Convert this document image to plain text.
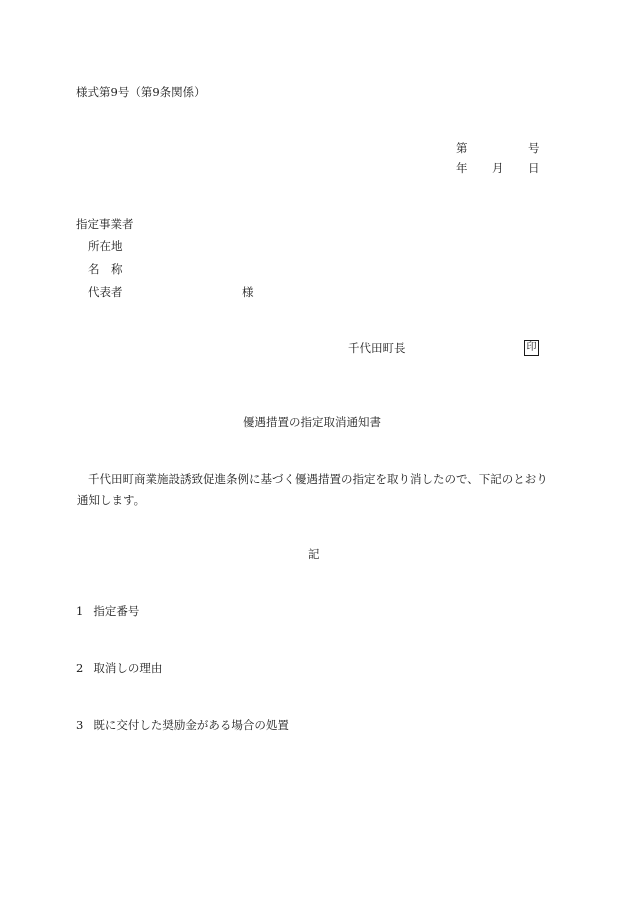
様式第9号（第9条関係）
第	号
年 月 日
指定事業者
所在地
名　称
代表者	様
千代田町長	印
優遇措置の指定取消通知書
千代田町商業施設誘致促進条例に基づく優遇措置の指定を取り消したので、下記のとおり通知します。
記
1 指定番号
2 取消しの理由
3 既に交付した奨励金がある場合の処置
